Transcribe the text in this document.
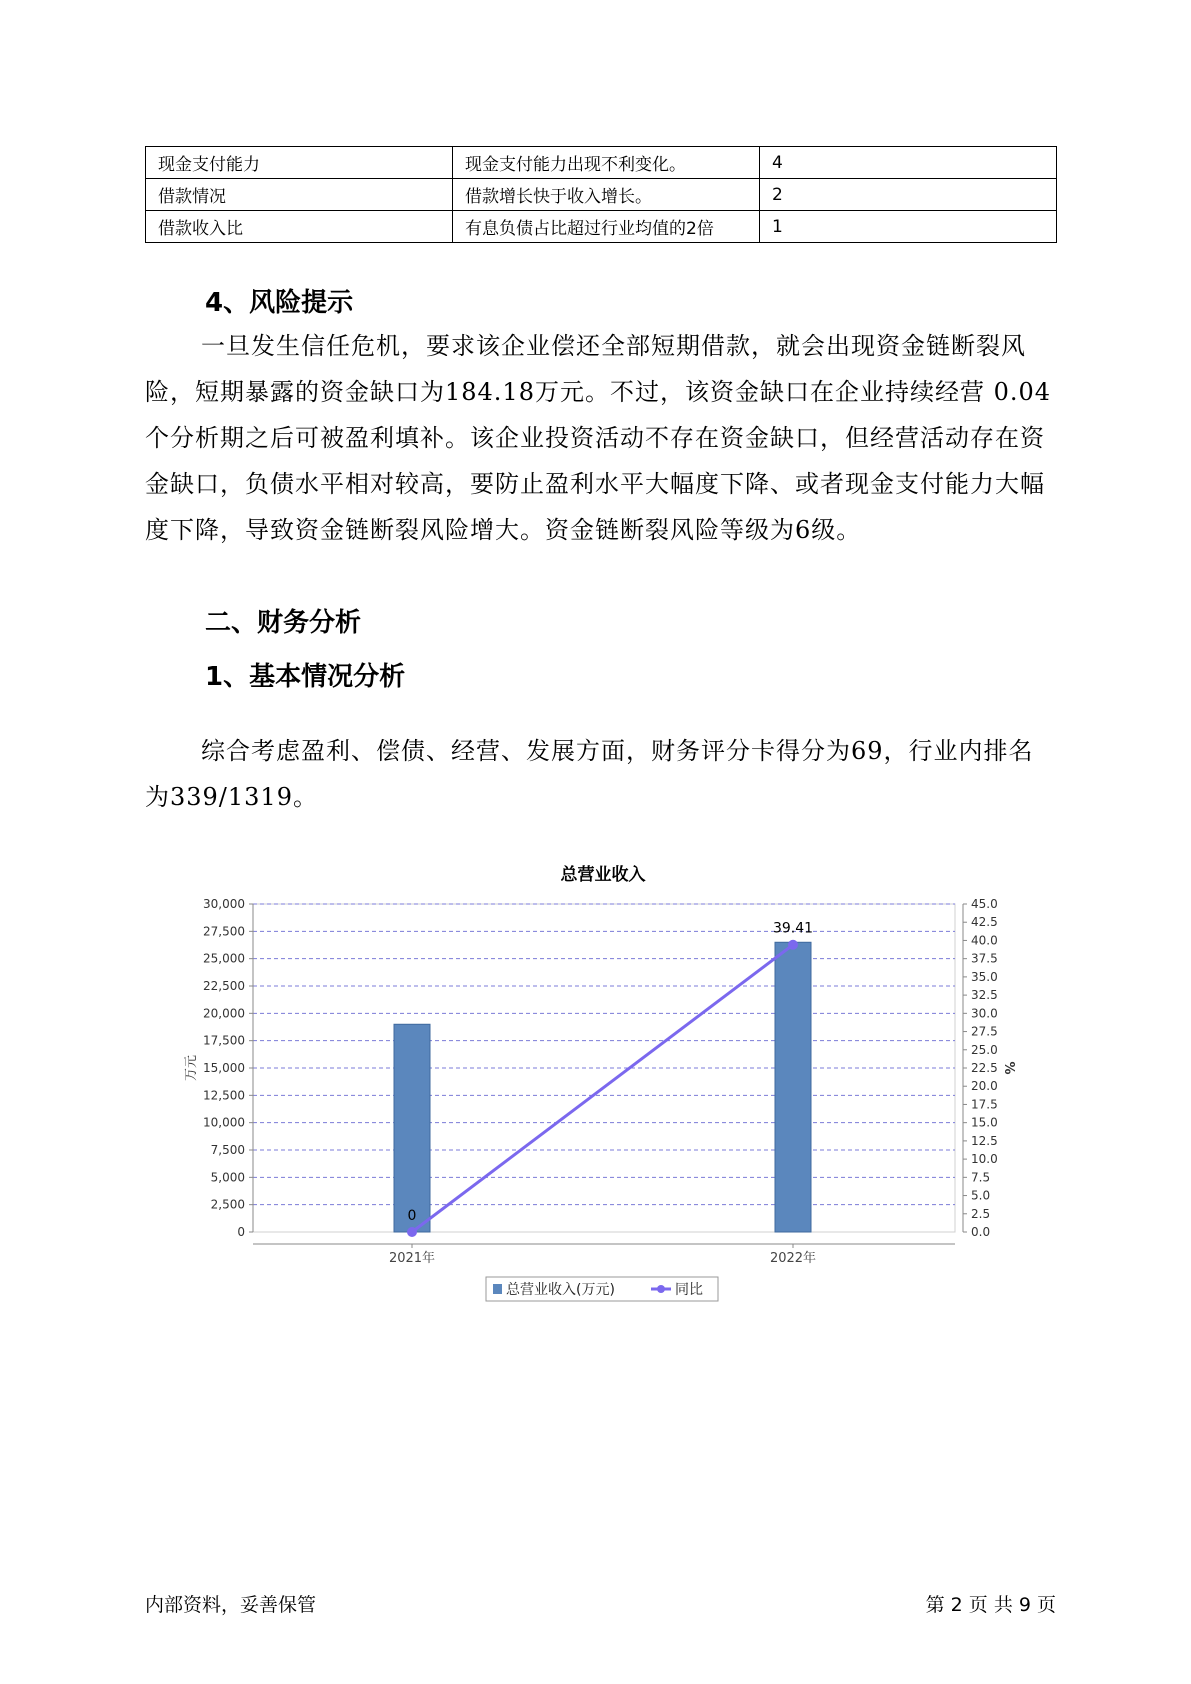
现金支付能力	现金支付能力出现不利变化。	4
借款情况	借款增长快于收入增长。	2
借款收入比	有息负债占比超过行业均值的2倍	1
4、风险提示
一旦发生信任危机，要求该企业偿还全部短期借款，就会出现资金链断裂风险，短期暴露的资金缺口为184.18万元。不过，该资金缺口在企业持续经营 0.04个分析期之后可被盈利填补。该企业投资活动不存在资金缺口，但经营活动存在资金缺口，负债水平相对较高，要防止盈利水平大幅度下降、或者现金支付能力大幅度下降，导致资金链断裂风险增大。资金链断裂风险等级为6级。
二、财务分析
1、基本情况分析
综合考虑盈利、偿债、经营、发展方面，财务评分卡得分为69，行业内排名为339/1319。
总营业收入
0
2,500
5,000
7,500
10,000
12,500
15,000
17,500
20,000
22,500
25,000
27,500
30,000
0.0
2.5
5.0
7.5
10.0
12.5
15.0
17.5
20.0
22.5
25.0
27.5
30.0
32.5
35.0
37.5
40.0
42.5
45.0
万元	%
2021年	2022年
0
39.41
总营业收入(万元)	同比
内部资料，妥善保管	第 2 页 共 9 页
